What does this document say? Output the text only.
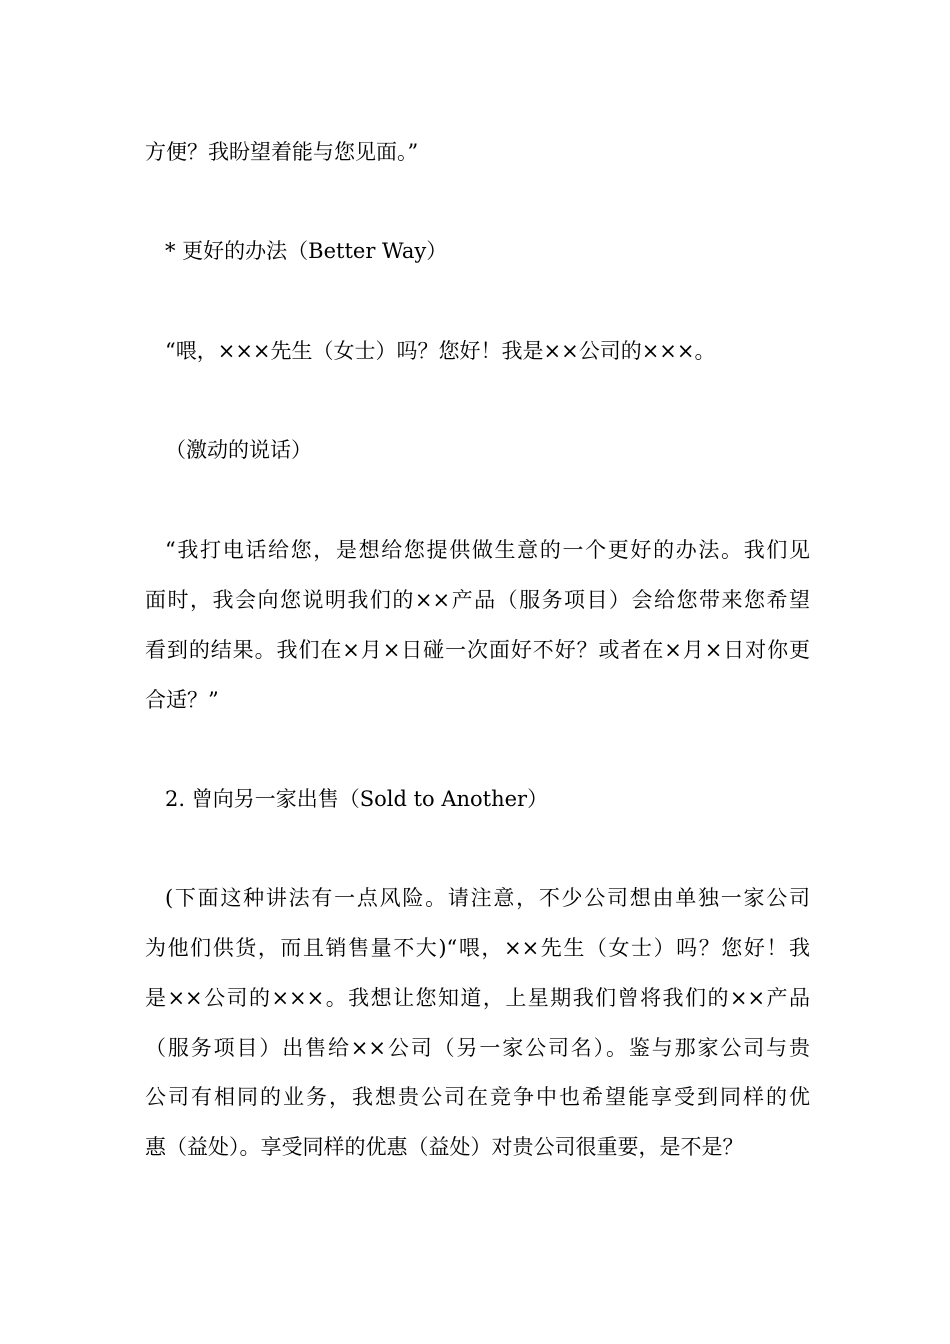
方便？我盼望着能与您见面。”
* 更好的办法（Better Way）
“喂，×××先生（女士）吗？您好！我是××公司的×××。
（激动的说话）
“我打电话给您，是想给您提供做生意的一个更好的办法。我们见
面时，我会向您说明我们的××产品（服务项目）会给您带来您希望
看到的结果。我们在×月×日碰一次面好不好？或者在×月×日对你更
合适？”
2. 曾向另一家出售（Sold to Another）
(下面这种讲法有一点风险。请注意，不少公司想由单独一家公司
为他们供货，而且销售量不大)“喂，××先生（女士）吗？您好！我
是××公司的×××。我想让您知道，上星期我们曾将我们的××产品
（服务项目）出售给××公司（另一家公司名）。鉴与那家公司与贵
公司有相同的业务，我想贵公司在竞争中也希望能享受到同样的优
惠（益处）。享受同样的优惠（益处）对贵公司很重要，是不是？
